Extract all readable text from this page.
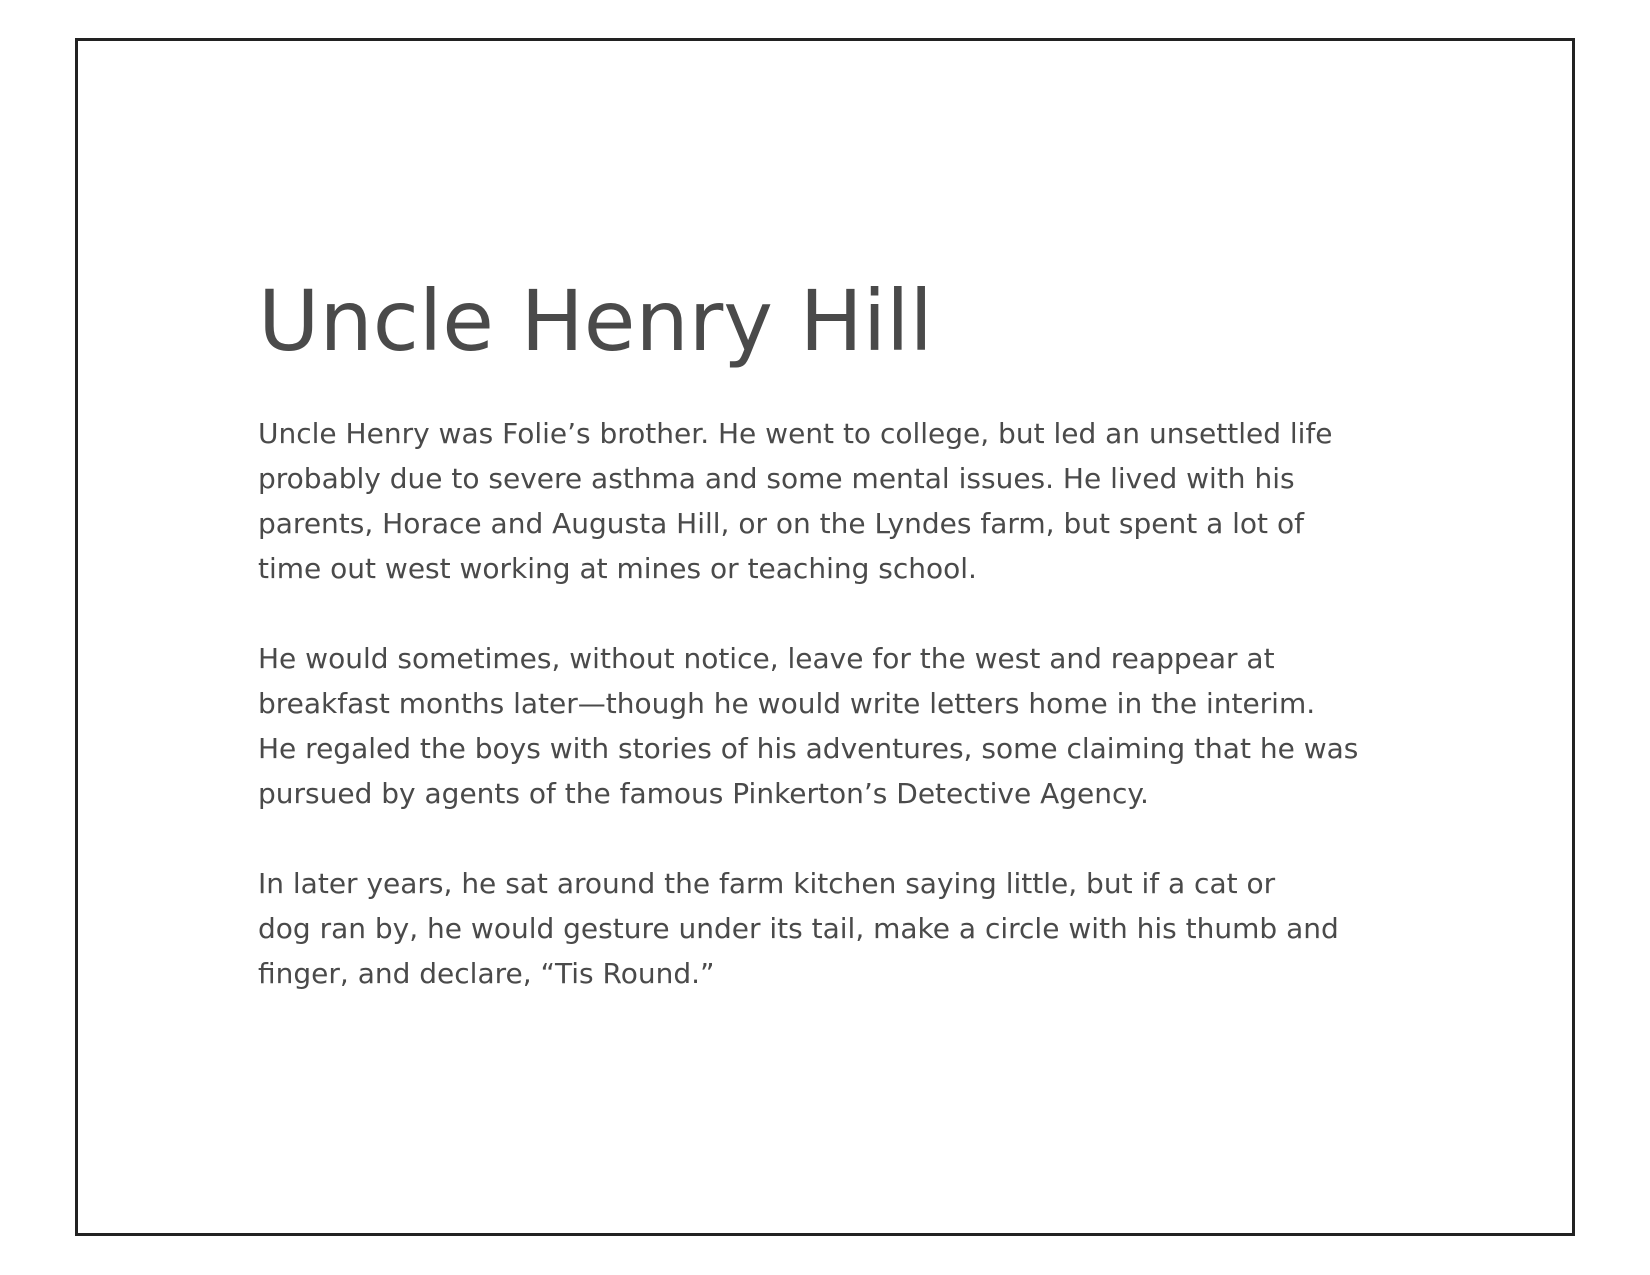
Uncle Henry Hill

Uncle Henry was Folie’s brother. He went to college, but led an unsettled life
probably due to severe asthma and some mental issues. He lived with his
parents, Horace and Augusta Hill, or on the Lyndes farm, but spent a lot of
time out west working at mines or teaching school.

He would sometimes, without notice, leave for the west and reappear at
breakfast months later—though he would write letters home in the interim.
He regaled the boys with stories of his adventures, some claiming that he was
pursued by agents of the famous Pinkerton’s Detective Agency.

In later years, he sat around the farm kitchen saying little, but if a cat or
dog ran by, he would gesture under its tail, make a circle with his thumb and
finger, and declare, “Tis Round.”
